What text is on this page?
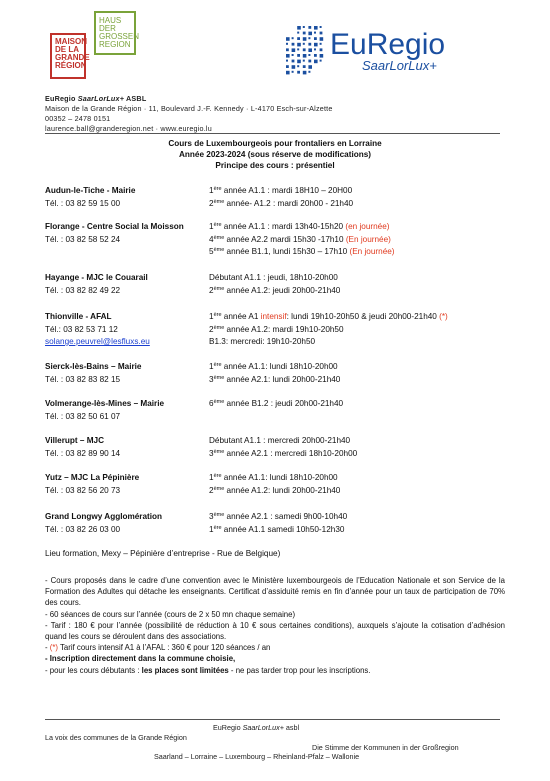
MAISON
DE LA
GRANDE
RÉGION
HAUS
DER
GROSSEN
REGION	EuRegio
SaarLorLux+
EuRegio SaarLorLux+ ASBL
Maison de la Grande Région · 11, Boulevard J.-F. Kennedy · L-4170 Esch-sur-Alzette
00352 – 2478 0151
laurence.ball@granderegion.net · www.euregio.lu
Cours de Luxembourgeois pour frontaliers en Lorraine
Année 2023-2024 (sous réserve de modifications)
Principe des cours : présentiel
Audun-le-Tiche - Mairie
Tél. : 03 82 59 15 00
1ère année A1.1 : mardi 18H10 – 20H00
2ème année- A1.2 : mardi 20h00 - 21h40
Florange - Centre Social la Moisson
Tél. : 03 82 58 52 24
1ère année A1.1 : mardi 13h40-15h20 (en journée)
4ème année A2.2 mardi 15h30 -17h10 (En journée)
5ème année B1.1, lundi 15h30 – 17h10 (En journée)
Hayange - MJC le Couarail
Tél. : 03 82 82 49 22
Débutant A1.1 : jeudi, 18h10-20h00
2ème année A1.2: jeudi 20h00-21h40
Thionville - AFAL
Tél.: 03 82 53 71 12
solange.peuvrel@lesfluxs.eu
1ère année A1 intensif: lundi 19h10-20h50 & jeudi 20h00-21h40 (*)
2ème année A1.2: mardi 19h10-20h50
B1.3: mercredi: 19h10-20h50
Sierck-lès-Bains – Mairie
Tél. : 03 82 83 82 15
1ère année A1.1: lundi 18h10-20h00
3ème année A2.1: lundi 20h00-21h40
Volmerange-lès-Mines – Mairie
Tél. : 03 82 50 61 07
6ème année B1.2 : jeudi 20h00-21h40
Villerupt – MJC
Tél. : 03 82 89 90 14
Débutant A1.1 : mercredi 20h00-21h40
3ème année A2.1 : mercredi 18h10-20h00
Yutz – MJC La Pépinière
Tél. : 03 82 56 20 73
1ère année A1.1: lundi 18h10-20h00
2ème année A1.2: lundi 20h00-21h40
Grand Longwy Agglomération
Tél. : 03 82 26 03 00
3ème année A2.1 : samedi 9h00-10h40
1ère année A1.1 samedi 10h50-12h30
Lieu formation, Mexy – Pépinière d’entreprise - Rue de Belgique)

- Cours proposés dans le cadre d’une convention avec le Ministère luxembourgeois de l’Education Nationale et son Service de la Formation des Adultes qui détache les enseignants. Certificat d’assiduité remis en fin d’année pour un taux de participation de 70% des cours.

- 60 séances de cours sur l’année (cours de 2 x 50 mn chaque semaine)

- Tarif : 180 € pour l’année (possibilité de réduction à 10 € sous certaines conditions), auxquels s’ajoute la cotisation d’adhésion quand les cours se déroulent dans des associations.

- (*) Tarif cours intensif A1 à l’AFAL : 360 € pour 120 séances / an

- Inscription directement dans la commune choisie,

- pour les cours débutants : les places sont limitées - ne pas tarder trop pour les inscriptions.

EuRegio SaarLorLux+ asbl
La voix des communes de la Grande Région
Die Stimme der Kommunen in der Großregion
Saarland – Lorraine – Luxembourg – Rheinland-Pfalz – Wallonie
